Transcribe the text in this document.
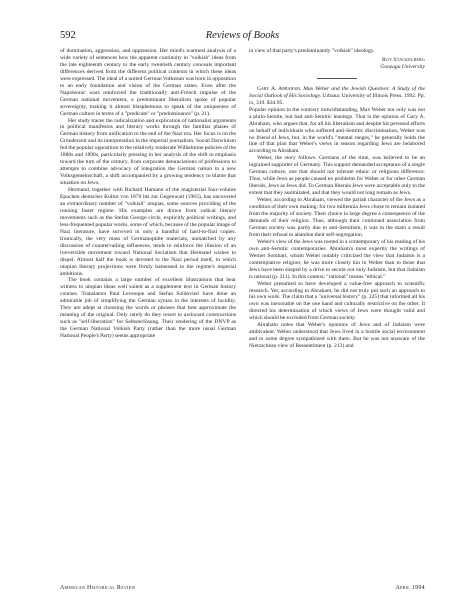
592	Reviews of Books

of domination, aggression, and oppression. Her mind's warmest analysis of a wide variety of sentences how the apparent continuity in "volkish" ideas from the late eighteenth century to the early twentieth century conceals important differences derived from the different political contexts in which these ideas were expressed. The ideal of a united German Volkstum was born in opposition to an early foundation and vision of the German states. Even after the Napoleonic wars reinforced the traditionally anti-French impulse of the German national movement, a predominant liberalism spoke of popular sovereignty, making it almost blasphemous to speak of the uniqueness of German culture in terms of a "predicate" or "predominance" (p. 21).

Her study traces the radicalization and explication of nationalist arguments in political manifestos and literary works through the familiar phases of German history from unification to the end of the Nazi era. Her focus is on the Gründerzeit and its interpretation in the imperial journalism. Social Darwinism fed the popular opposition to the relatively moderate Wilhelmine policies of the 1880s and 1890s, particularly pressing in her analysis of the shift to emphasis toward the turn of the century, from corporate denunciations of professions to attempts to combine advocacy of integration the German nation in a new Volksgemeinschaft, a shift accompanied by a growing tendency to blame that situation on Jews.

Hermand, together with Richard Hamann of the magisterial four-volume Epochen deutscher Kultur von 1870 bis zur Gegenwart (1965), has uncovered an extraordinary number of "volkish" utopias, some sources providing of the running faster regime. His examples are drawn from radical literary movements such as the Stefan George circle, explicitly political writings, and less-frequented popular works, some of which, because of the popular image of Nazi literature, have survived in only a handful of hard-to-find copies. Ironically, the very mass of Germanophile materials, unmatched by any discussion of countervailing influences, tends to reinforce the illusion of an irreversible movement toward National Socialism that Hermand wishes to dispel. Almost half the book is devoted to the Nazi period itself, in which utopian literary projections were firmly harnessed to the regime's imperial ambitions.

The book contains a large number of excellent illustrations that bear witness to utopian ideas well suited as a supplement text in German history courses. Translators Paul Levesque and Stefan Soldovieri have done an admirable job of simplifying the German syntax in the interests of lucidity. They are adept at choosing the words or phrases that best approximate the meaning of the original. Only rarely do they resort to awkward constructions such as "self-liberation" for Selbsterlösung. Their rendering of the DNVP as the German National Volkish Party (rather than the more usual German National People's Party) seems appropriate

in view of that party's predominantly "volkish" ideology.

Roy Stackelberg
Gonzaga University

Gary A. Abraham. Max Weber and the Jewish Question: A Study of the Social Outlook of His Sociology. Urbana: University of Illinois Press. 1992. Pp. ix, 319. $34.95.

Popular opinion to the contrary notwithstanding, Max Weber not only was not a philo-Semite, but had anti-Semitic leanings. That is the opinion of Gary A. Abraham, who argues that, for all his liberalism and despite his personal efforts on behalf of individuals who suffered anti-Semitic discrimination, Weber was no friend of Jews, but, in the world's "mental ranges," he generally holds the line of that plan that Weber's views in reason regarding Jews are belabored according to Abraham.

Weber, the story follows. Germans of the time, was believed to be an ingrained supporter of Germany. This support demanded acceptance of a single German culture, one that should not tolerate ethnic or religious difference. Thus, while Jews as people caused no problems for Weber or for other German liberals, Jews as Jews did. To German liberals Jews were acceptable only to the extent that they assimilated, and that they would not long remain as Jews.

Weber, according to Abraham, viewed the pariah character of the Jews as a condition of their own making: for two millennia Jews chose to remain isolated from the majority of society. Their choice in large degree a consequence of the demands of their religion. Thus, although their continued association from German society was partly due to anti-Semitism, it was in the main a result from their refusal to abandon their self-segregation.

Weber's view of the Jews was rooted in a contemporary of his reading of his own anti-Semitic contemporaries. Abraham's most expertly the writings of Werner Sombart, whom Weber notably criticized the view that Judaism is a contemplative religion; he was more closely kin to Weber than to those that Jews have been shaped by a drive to secure not only Judaism, but that Judaism is rational (p. 211). In this context, "rational" means "ethical."

Weber presumed to have developed a value-free approach to scientific research. Yet, according to Abraham, he did not truly put such an approach to his own work. The claim that a "universal history" (p. 225) that informed all his own was inexorable on the one hand and culturally restrictive on the other. It directed his determination of which views of Jews were thought valid and which should be excluded from German society.

Abraham notes that Weber's opinions of Jews and of Judaism were ambivalent. Weber understood that Jews lived in a hostile social environment and to some degree sympathized with them. But he was not unaware of the Nietzschean view of Ressentiment (p. 213) and

American Historical Review	April 1994
